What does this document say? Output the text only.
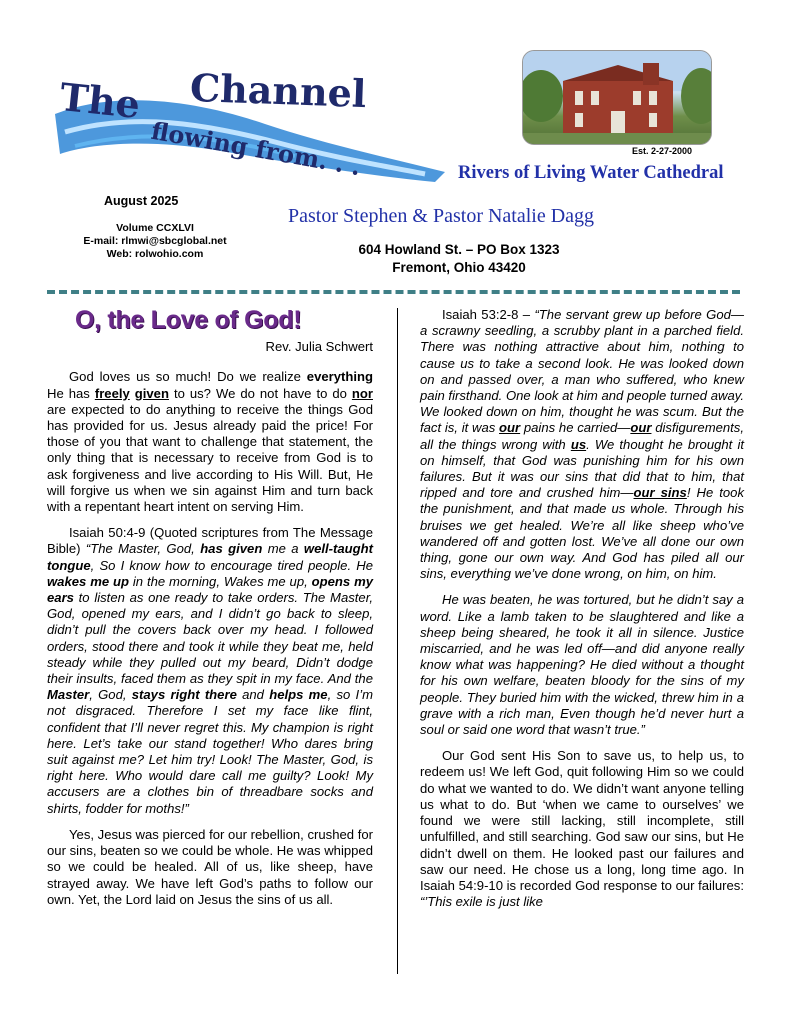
The Channel
flowing from. . .	Est. 2-27-2000
Rivers of Living Water Cathedral
August 2025
Volume CCXLVI
E-mail: rlmwi@sbcglobal.net
Web: rolwohio.com
Pastor Stephen & Pastor Natalie Dagg
604 Howland St. – PO Box 1323
Fremont, Ohio 43420
O, the Love of God!
Rev. Julia Schwert

God loves us so much! Do we realize everything He has freely given to us? We do not have to do nor are expected to do anything to receive the things God has provided for us. Jesus already paid the price! For those of you that want to challenge that statement, the only thing that is necessary to receive from God is to ask forgiveness and live according to His Will. But, He will forgive us when we sin against Him and turn back with a repentant heart intent on serving Him.

Isaiah 50:4-9 (Quoted scriptures from The Message Bible) “The Master, God, has given me a well-taught tongue, So I know how to encourage tired people. He wakes me up in the morning, Wakes me up, opens my ears to listen as one ready to take orders. The Master, God, opened my ears, and I didn’t go back to sleep, didn’t pull the covers back over my head. I followed orders, stood there and took it while they beat me, held steady while they pulled out my beard, Didn’t dodge their insults, faced them as they spit in my face. And the Master, God, stays right there and helps me, so I’m not disgraced. Therefore I set my face like flint, confident that I’ll never regret this. My champion is right here. Let’s take our stand together! Who dares bring suit against me? Let him try! Look! The Master, God, is right here. Who would dare call me guilty? Look! My accusers are a clothes bin of threadbare socks and shirts, fodder for moths!”

Yes, Jesus was pierced for our rebellion, crushed for our sins, beaten so we could be whole. He was whipped so we could be healed. All of us, like sheep, have strayed away. We have left God’s paths to follow our own. Yet, the Lord laid on Jesus the sins of us all.

Isaiah 53:2-8 – “The servant grew up before God—a scrawny seedling, a scrubby plant in a parched field. There was nothing attractive about him, nothing to cause us to take a second look. He was looked down on and passed over, a man who suffered, who knew pain firsthand. One look at him and people turned away. We looked down on him, thought he was scum. But the fact is, it was our pains he carried—our disfigurements, all the things wrong with us. We thought he brought it on himself, that God was punishing him for his own failures. But it was our sins that did that to him, that ripped and tore and crushed him—our sins! He took the punishment, and that made us whole. Through his bruises we get healed. We’re all like sheep who’ve wandered off and gotten lost. We’ve all done our own thing, gone our own way. And God has piled all our sins, everything we’ve done wrong, on him, on him.

He was beaten, he was tortured, but he didn’t say a word. Like a lamb taken to be slaughtered and like a sheep being sheared, he took it all in silence. Justice miscarried, and he was led off—and did anyone really know what was happening? He died without a thought for his own welfare, beaten bloody for the sins of my people. They buried him with the wicked, threw him in a grave with a rich man, Even though he’d never hurt a soul or said one word that wasn’t true.”

Our God sent His Son to save us, to help us, to redeem us! We left God, quit following Him so we could do what we wanted to do. We didn’t want anyone telling us what to do. But ‘when we came to ourselves’ we found we were still lacking, still incomplete, still unfulfilled, and still searching. God saw our sins, but He didn’t dwell on them. He looked past our failures and saw our need. He chose us a long, long time ago. In Isaiah 54:9-10 is recorded God response to our failures: “’This exile is just like
